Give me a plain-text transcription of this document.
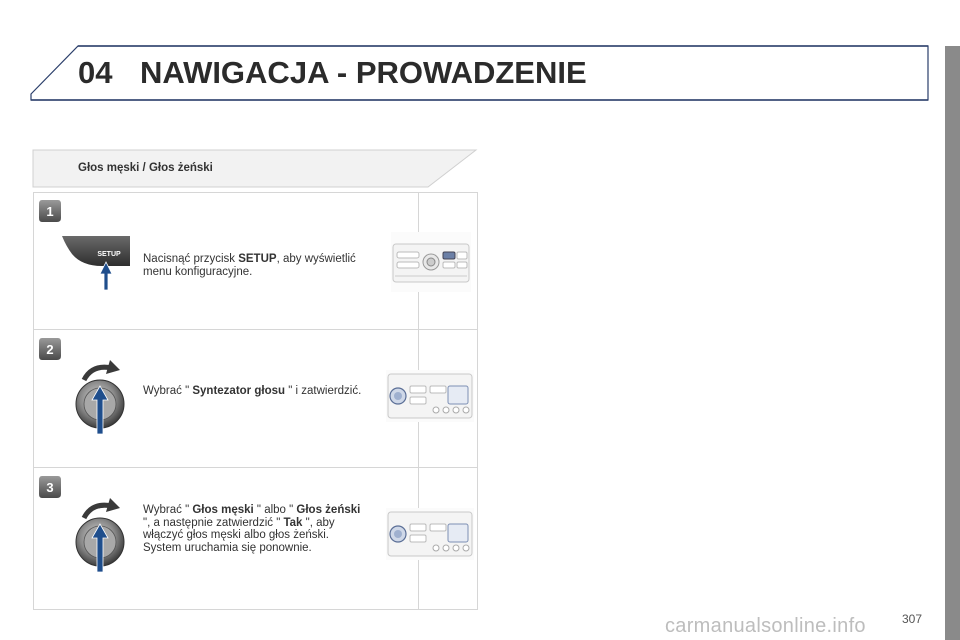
04 NAWIGACJA - PROWADZENIE
Głos męski / Głos żeński
1
SETUP Nacisnąć przycisk SETUP, aby wyświetlić menu konfiguracyjne.
2
Wybrać " Syntezator głosu " i zatwierdzić.
3
Wybrać " Głos męski " albo " Głos żeński ", a następnie zatwierdzić " Tak ", aby włączyć głos męski albo głos żeński. System uruchamia się ponownie.
carmanualsonline.info	307
